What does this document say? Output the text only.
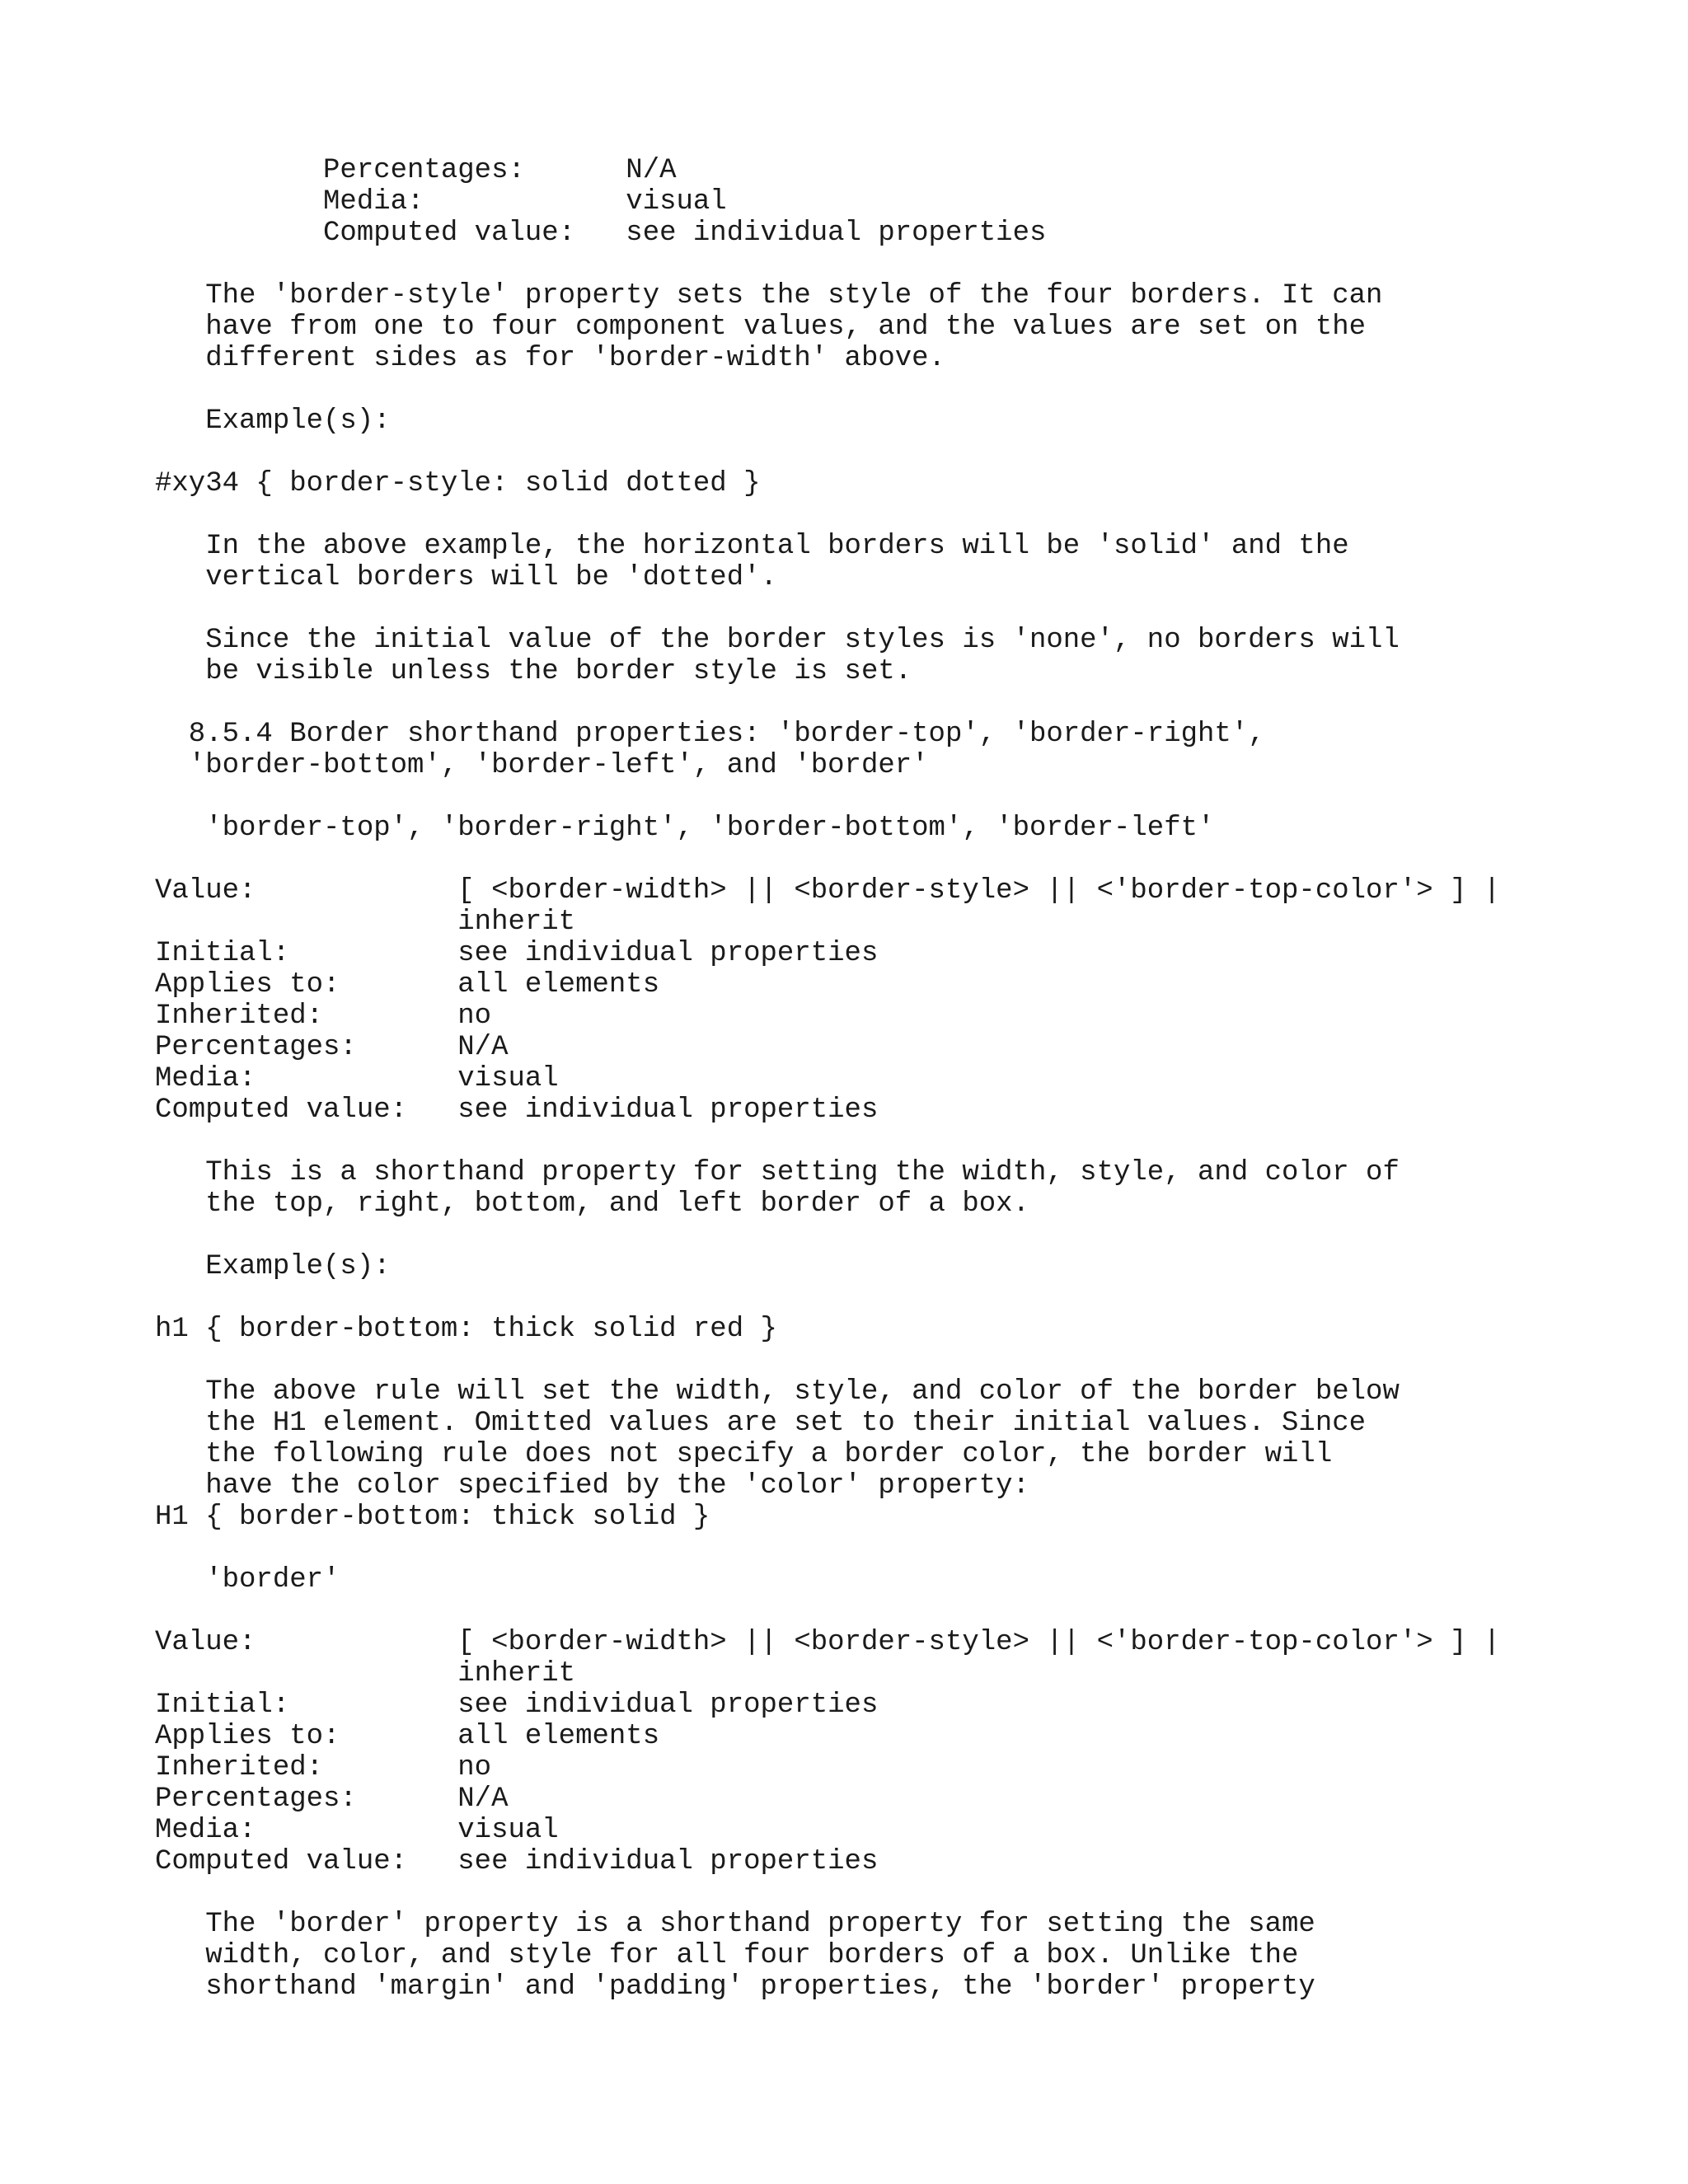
Percentages:      N/A
Media:            visual
Computed value:   see individual properties
The 'border-style' property sets the style of the four borders. It can
have from one to four component values, and the values are set on the
different sides as for 'border-width' above.
Example(s):
#xy34 { border-style: solid dotted }
In the above example, the horizontal borders will be 'solid' and the
vertical borders will be 'dotted'.
Since the initial value of the border styles is 'none', no borders will
be visible unless the border style is set.
8.5.4 Border shorthand properties: 'border-top', 'border-right',
'border-bottom', 'border-left', and 'border'
'border-top', 'border-right', 'border-bottom', 'border-left'
Value:            [ <border-width> || <border-style> || <'border-top-color'> ] |
inherit
Initial:          see individual properties
Applies to:       all elements
Inherited:        no
Percentages:      N/A
Media:            visual
Computed value:   see individual properties
This is a shorthand property for setting the width, style, and color of
the top, right, bottom, and left border of a box.
Example(s):
h1 { border-bottom: thick solid red }
The above rule will set the width, style, and color of the border below
the H1 element. Omitted values are set to their initial values. Since
the following rule does not specify a border color, the border will
have the color specified by the 'color' property:
H1 { border-bottom: thick solid }
'border'
Value:            [ <border-width> || <border-style> || <'border-top-color'> ] |
inherit
Initial:          see individual properties
Applies to:       all elements
Inherited:        no
Percentages:      N/A
Media:            visual
Computed value:   see individual properties
The 'border' property is a shorthand property for setting the same
width, color, and style for all four borders of a box. Unlike the
shorthand 'margin' and 'padding' properties, the 'border' property
